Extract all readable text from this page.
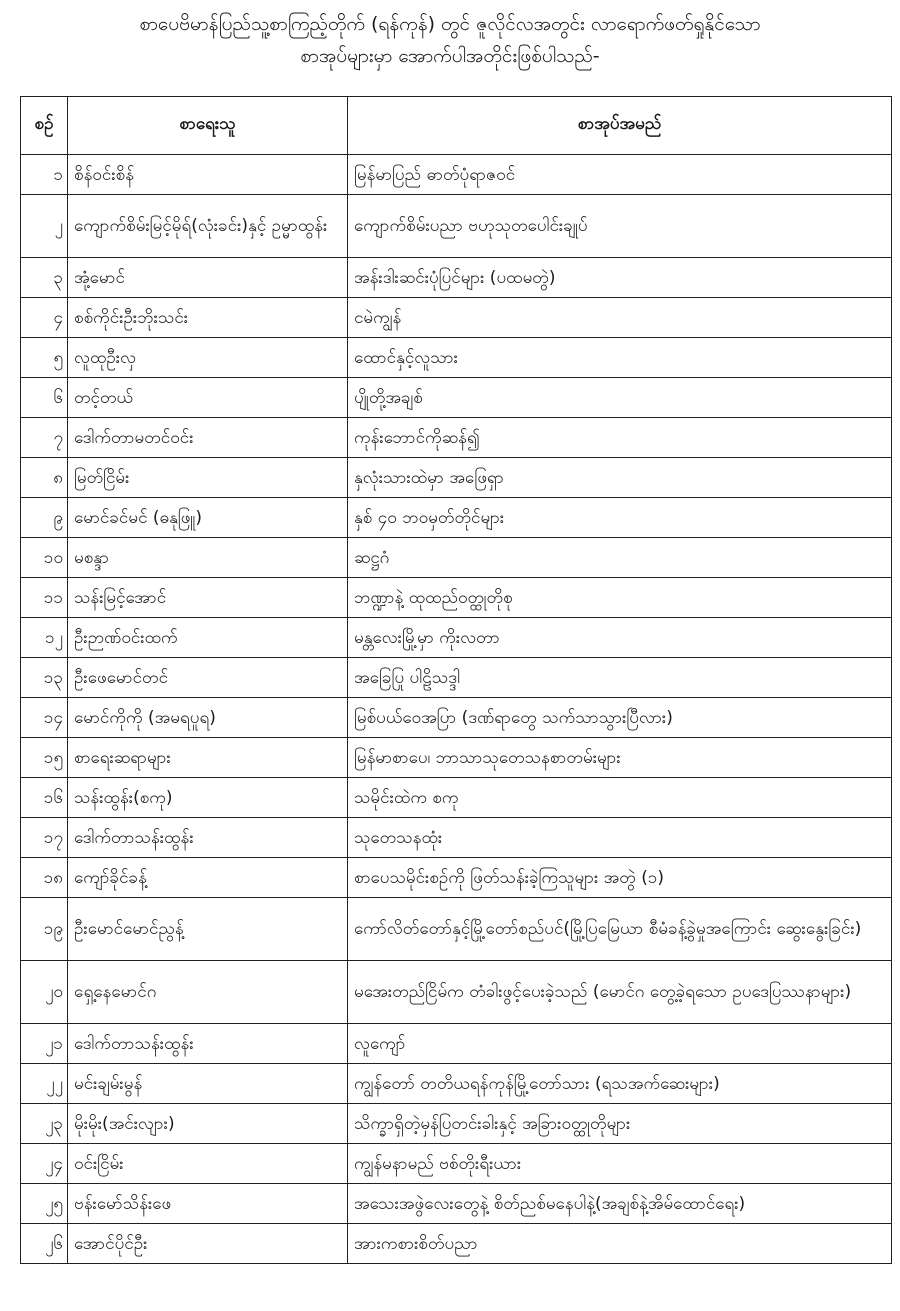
စာပေဗိမာန်ပြည်သူ့စာကြည့်တိုက် (ရန်ကုန်) တွင် ဇူလိုင်လအတွင်း လာရောက်ဖတ်ရှုနိုင်သော
စာအုပ်များမှာ အောက်ပါအတိုင်းဖြစ်ပါသည်-
စဉ်	စာရေးသူ	စာအုပ်အမည်
၁	စိန်ဝင်းစိန်	မြန်မာပြည် ဓာတ်ပုံရာဇဝင်
၂	ကျောက်စိမ်းမြင့်မိုရ်(လုံးခင်း)နှင့် ဥမ္မာထွန်း	ကျောက်စိမ်းပညာ ဗဟုသုတပေါင်းချုပ်
၃	အုံ့မောင်	အန်းဒါးဆင်းပုံပြင်များ (ပထမတွဲ)
၄	စစ်ကိုင်းဦးဘိုးသင်း	ငမဲကျွန်
၅	လူထုဦးလှ	ထောင်နှင့်လူသား
၆	တင့်တယ်	ပျိုတို့အချစ်
၇	ဒေါက်တာမတင်ဝင်း	ကုန်းဘောင်ကိုဆန်၍
၈	မြတ်ငြိမ်း	နှလုံးသားထဲမှာ အဖြေရှာ
၉	မောင်ခင်မင် (ဓနုဖြူ)	နှစ် ၄၀ ဘဝမှတ်တိုင်များ
၁၀	မစန္ဒာ	ဆဋ္ဌဂံ
၁၁	သန်းမြင့်အောင်	ဘဏ္ဍာနဲ့ ထုထည်ဝတ္ထုတိုစု
၁၂	ဦးဉာဏ်ဝင်းထက်	မန္တလေးမြို့မှာ ကိုးလတာ
၁၃	ဦးဖေမောင်တင်	အခြေပြု ပါဠိသဒ္ဒါ
၁၄	မောင်ကိုကို (အမရပူရ)	မြစ်ပယ်ဝေအပြာ (ဒဏ်ရာတွေ သက်သာသွားပြီလား)
၁၅	စာရေးဆရာများ	မြန်မာစာပေ၊ ဘာသာသုတေသနစာတမ်းများ
၁၆	သန်းထွန်း(စကု)	သမိုင်းထဲက စကု
၁၇	ဒေါက်တာသန်းထွန်း	သုတေသနထုံး
၁၈	ကျော်ခိုင်ခန့်	စာပေသမိုင်းစဉ်ကို ဖြတ်သန်းခဲ့ကြသူများ အတွဲ (၁)
၁၉	ဦးမောင်မောင်ညွန့်	ကော်လိတ်တော်နှင့်မြို့တော်စည်ပင်(မြို့ပြမြေယာ စီမံခန့်ခွဲမှုအကြောင်း ဆွေးနွေးခြင်း)
၂၀	ရှေ့နေမောင်ဂ	မအေးတည်ငြိမ်က တံခါးဖွင့်ပေးခဲ့သည် (မောင်ဂ တွေ့ခဲ့ရသော ဥပဒေပြဿနာများ)
၂၁	ဒေါက်တာသန်းထွန်း	လူကျော်
၂၂	မင်းချမ်းမွန်	ကျွန်တော် တတိယရန်ကုန်မြို့တော်သား (ရသအက်ဆေးများ)
၂၃	မိုးမိုး(အင်းလျား)	သိက္ခာရှိတဲ့မှန်ပြတင်းခါးနှင့် အခြားဝတ္ထုတိုများ
၂၄	ဝင်းငြိမ်း	ကျွန်မနာမည် ဗစ်တိုးရီးယား
၂၅	ဗန်းမော်သိန်းဖေ	အသေးအဖွဲလေးတွေနဲ့ စိတ်ညစ်မနေပါနဲ့(အချစ်နဲ့အိမ်ထောင်ရေး)
၂၆	အောင်ပိုင်ဦး	အားကစားစိတ်ပညာ
